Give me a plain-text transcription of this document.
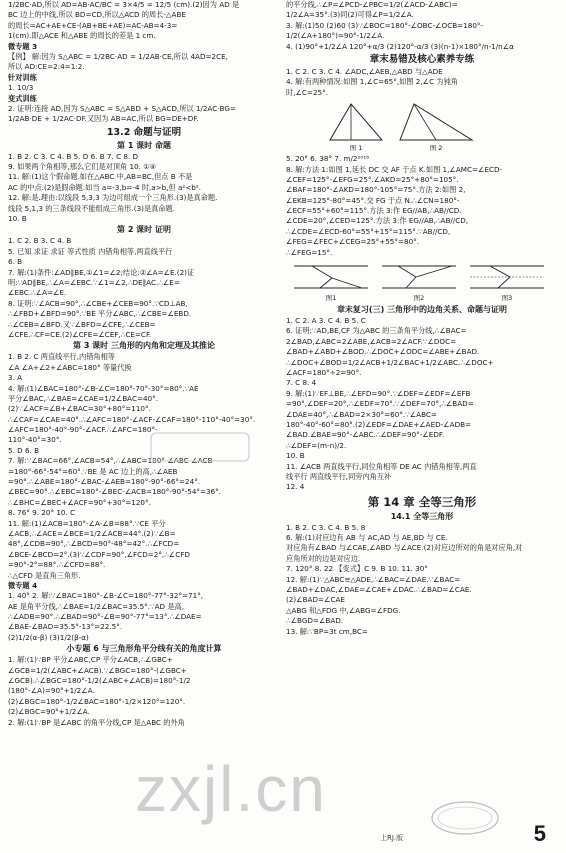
1/2BC·AD,所以 AD=AB·AC/BC = 3×4/5 = 12/5 (cm).(2)因为 AD 是
BC 边上的中线,所以 BD=CD,所以△ACD 的周长-△ABE
的周长=AC+AE+CE-(AB+BE+AE)=AC-AB=4-3=
1(cm).即△ACE 和△ABE 的周长的差是 1 cm.
微专题 3
【例】 解:因为 S△ABC = 1/2BC·AD = 1/2AB·CE,所以 4AD=2CE,
所以 AD:CE=2:4=1:2.
针对训练
1. 10/3
变式训练
2. 证明:连接 AD,因为 S△ABC = S△ABD + S△ACD,所以 1/2AC·BG=
1/2AB·DE + 1/2AC·DF.又因为 AB=AC,所以 BG=DE+DF.
13.2 命题与证明
第 1 课时 命题
1. B 2. C 3. C 4. B 5. D 6. B 7. C 8. D
9. 如果两个角相等,那么它们是对顶角 10. ①④
11. 解:(1)这个假命题.如在△ABC 中,AB=BC,但点 B 不是
AC 的中点.(2)是假命题.如当 a=-3,b=-4 时,a>b,但 a²<b².
12. 解:是.理由:以线段 5,3,3 为边可组成一个三角形.(3)是真命题.
线段 5,1,3 的三条线段不能组成三角形.(3)是真命题.
10. B
第 2 课时 证明
1. C 2. B 3. C 4. B
5. 已知 求证 求证 等式性质 内错角相等,两直线平行
6. B
7. 解:(1)条件:∠AD∥BE,①∠1=∠2;结论:②∠A=∠E.(2)证
明:∵AD∥BE,∴∠A=∠EBC.∵∠1=∠2,∴DE∥AC.∴∠E=
∠EBC.∴∠A=∠E.
8. 证明:∵∠ACB=90°,∴∠CBE+∠CEB=90°.∵CD⊥AB,
∴∠FBD+∠BFD=90°.∵BE 平分∠ABC,∴∠CBE=∠EBD.
∴∠CEB=∠BFD.又∵∠BFD=∠CFE,∴∠CEB=
∠CFE.∴CF=CE.(2)∠CFE=∠CEF,∴CE=CF.
第 3 课时 三角形的内角和定理及其推论
1. B 2. C 两直线平行,内错角相等
∠A ∠A+∠2+∠ABC=180° 等量代换
3. A
4. 解:(1)∠BAC=180°-∠B-∠C=180°-70°-30°=80°.∵AE
平分∠BAC,∴∠BAE=∠CAE=1/2∠BAC=40°.
(2)∵∠ACF=∠B+∠BAC=30°+80°=110°.
∴∠CAF=∠CAE=40°.∴∠AFC=180°-∠ACF-∠CAF=180°-110°-40°=30°.
∠AFC=180°-40°-90°-∠ACF.∴∠AFC=180°-
110°-40°=30°.
5. D 6. B
7. 解:∵∠BAC=66°,∠ACB=54°,∴∠ABC=180°-∠ABC-∠ACB
=180°-66°-54°=60°.∵BE 是 AC 边上的高,∴∠AEB
=90°.∴∠ABE=180°-∠BAC-∠AEB=180°-90°-66°=24°.
∠BEC=90°.∴∠EBC=180°-∠BEC-∠ACB=180°-90°-54°=36°.
∴∠BHC=∠BEC+∠ACF=90°+30°=120°.
8. 76° 9. 20° 10. C
11. 解:(1)∠ACB=180°-∠A-∠B=88°.∵CE 平分
∠ACB,∴∠ACE=∠BCE=1/2∠ACB=44°.(2)∵∠B=
48°,∠CDB=90°,∴∠BCD=90°-48°=42°.∴∠FCD=
∠BCE-∠BCD=2°.(3)∵∠CDF=90°,∠FCD=2°,∴∠CFD
=90°-2°=88°.∴∠CFD=88°.
∴△CFD 是直角三角形.
微专题 4
1. 40° 2. 解:∵∠BAC=180°-∠B-∠C=180°-77°-32°=71°,
AE 是角平分线,∴∠BAE=1/2∠BAC=35.5°.∵AD 是高,
∴∠ADB=90°.∴∠BAD=90°-∠B=90°-77°=13°.∴∠DAE=
∠BAE-∠BAD=35.5°-13°=22.5°.
(2)1/2(α-β) (3)1/2(β-α)
小专题 6 与三角形角平分线有关的角度计算
1. 解:(1)∵BP 平分∠ABC,CP 平分∠ACB,∴∠GBC+
∠GCB=1/2(∠ABC+∠ACB).∵∠BGC=180°-(∠GBC+
∠GCB).∴∠BGC=180°-1/2(∠ABC+∠ACB)=180°-1/2
(180°-∠A)=90°+1/2∠A.
(2)∠BGC=180°-1/2∠BAC=180°-1/2×120°=120°.
(2)∠BGC=90°+1/2∠A.
2. 解:(1)∵BP 是∠ABC 的角平分线,CP 是△ABC 的外角
的平分线,∴∠P=∠PCD-∠PBC=1/2(∠ACD-∠ABC)=
1/2∠A=35°.(3)同(2)可得∠P=1/2∠A.
3. 解:(1)50 (2)60 (3)∵∠BOC=180°-∠OBC-∠OCB=180°-
1/2(∠A+180°)=90°-1/2∠A.
4. (1)90°+1/2∠A 120°+α/3 (2)120°-α/3 (3)(n-1)×180°/n-1/n∠α
章末易错及核心素养专练
1. C 2. C 3. C 4. ∠ADC,∠AEB,△ABD 与△ADE
4. 解:有两种情况:如图 1,∠C=65°,如图 2,∠C 为钝角
时,∠C=25°.
图 1	图 2
5. 20° 6. 38° 7. m/2²⁰¹⁸
8. 解:方法 1:如图 1,延长 DC 交 AF 于点 K.如图 1,∠AMC=∠ECD-
∠CEF=125°-∠EFG=25°.∠AKD=25°+80°=105°.
∠BAF=180°-∠AKD=180°-105°=75°.方法 2:如图 2,
∠EKB=125°-80°=45°.交 FG 于点 N.∴∠CN=180°-
∠ECF=55°+60°=115°.方法 3:作 EG//AB,∴AB//CD.
∠CDE=20°,∠CED=125°.方法 3:作 EG//AB,∴AB//CD,
∴∠CDE=∠ECD-60°=55°+15°=115°.∵AB//CD,
∠FEG=∠FEC+∠CEG=25°+55°=80°.
∴∠FEG=15°.
图1	图2	图3
章末复习(三) 三角形中的边角关系、命题与证明
1. C 2. A 3. C 4. B 5. C
6. 证明:∵AD,BE,CF 为△ABC 的三条角平分线,∴∠BAC=
2∠BAD,∠ABC=2∠ABE,∠ACB=2∠ACF.∵∠DOC=
∠BAD+∠ABD+∠BOD.∴∠DOC+∠ODC=∠ABE+∠BAD.
∴∠DOC+∠BOD=1/2∠ACB+1/2∠BAC+1/2∠ABC.∴∠DOC+
∠ACF=180°÷2=90°.
7. C 8. 4
9. 解:(1)∵EF⊥BE,∴∠EFD=90°.∵∠DEF=∠EDF=∠EFB
=90°,∠DEF=20°,∴∠EDF=70°.∵∠DEF=70°,∴∠BAD=
∠DAE=40°,∴∠BAD=2×30°=60°.∵∠ABC=
180°-40°-60°=80°.(2)∠EDF=∠DAE+∠AED-∠ADB=
∠BAD.∠BAE=90°-∠ABC.∴∠DEF=90°-∠EDF.
∴∠DEF=(m-n)/2.
10. B
11. ∠ACB 两直线平行,同位角相等 DE AC 内错角相等,两直
线平行 两直线平行,同旁内角互补
12. 4
第 14 章 全等三角形
14.1 全等三角形
1. B 2. C 3. C 4. B 5. 8
6. 解:(1)对应边有 AB 与 AC,AD 与 AE,BD 与 CE.
对应角有∠BAD 与∠CAE,∠ABD 与∠ACE.(2)对应边所对的角是对应角,对
应角所对的边是对应边.
7. 120° 8. 22 【变式】C 9. B 10. 11. 30°
12. 解:(1)∵△ABC≌△ADE,∴∠BAC=∠DAE.∵∠BAC=
∠BAD+∠DAC,∠DAE=∠CAE+∠DAC.∴∠BAD=∠CAE.
(2)∠BAD=∠CAE
△ABG 和△FDG 中,∠ABG=∠FDG.
∴∠BGD=∠BAD.
13. 解:∵BP=3t cm,BC=
zxjl.cn
上RJ.版	5
